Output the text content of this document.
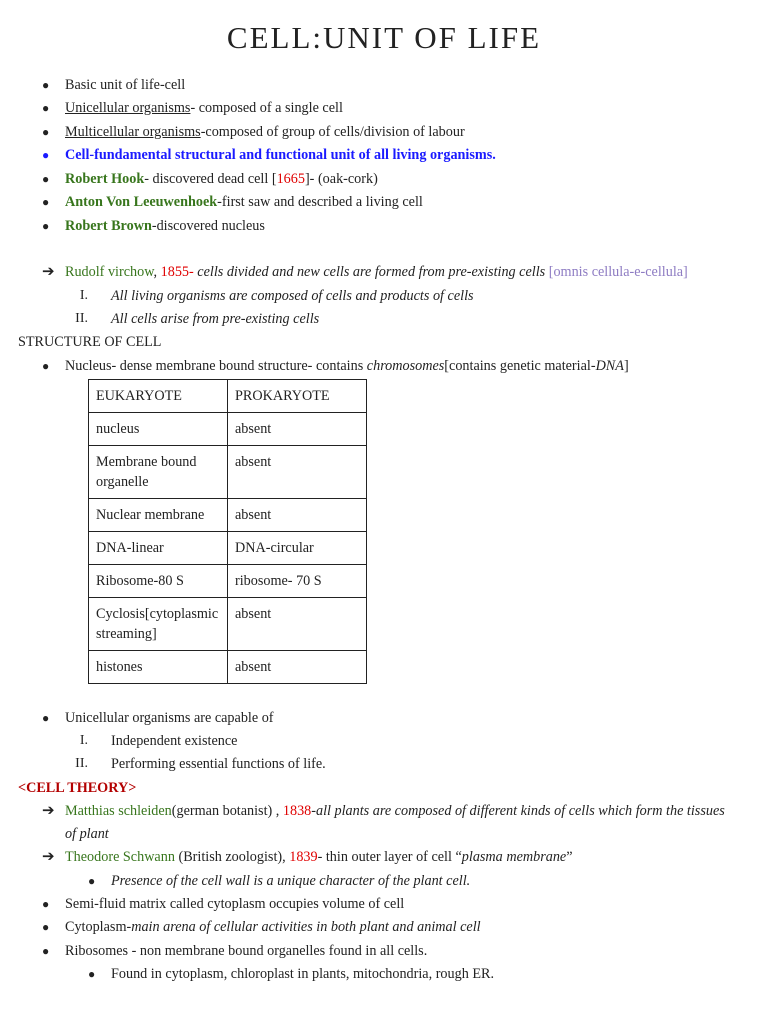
CELL:UNIT OF LIFE
● Basic unit of life-cell
● Unicellular organisms- composed of a single cell
● Multicellular organisms-composed of group of cells/division of labour
● Cell-fundamental structural and functional unit of all living organisms.
● Robert Hook- discovered dead cell [1665]- (oak-cork)
● Anton Von Leeuwenhoek-first saw and described a living cell
● Robert Brown-discovered nucleus
➔ Rudolf virchow, 1855- cells divided and new cells are formed from pre-existing cells [omnis cellula-e-cellula]
I. All living organisms are composed of cells and products of cells
II. All cells arise from pre-existing cells
STRUCTURE OF CELL
● Nucleus- dense membrane bound structure- contains chromosomes[contains genetic material-DNA]
EUKARYOTE	PROKARYOTE
nucleus	absent
Membrane bound organelle	absent
Nuclear membrane	absent
DNA-linear	DNA-circular
Ribosome-80 S	ribosome- 70 S
Cyclosis[cytoplasmic streaming]	absent
histones	absent
● Unicellular organisms are capable of
I. Independent existence
II. Performing essential functions of life.
<CELL THEORY>
➔ Matthias schleiden(german botanist) , 1838-all plants are composed of different kinds of cells which form the tissues
of plant
➔ Theodore Schwann (British zoologist), 1839- thin outer layer of cell “plasma membrane”
● Presence of the cell wall is a unique character of the plant cell.
● Semi-fluid matrix called cytoplasm occupies volume of cell
● Cytoplasm-main arena of cellular activities in both plant and animal cell
● Ribosomes - non membrane bound organelles found in all cells.
● Found in cytoplasm, chloroplast in plants, mitochondria, rough ER.
